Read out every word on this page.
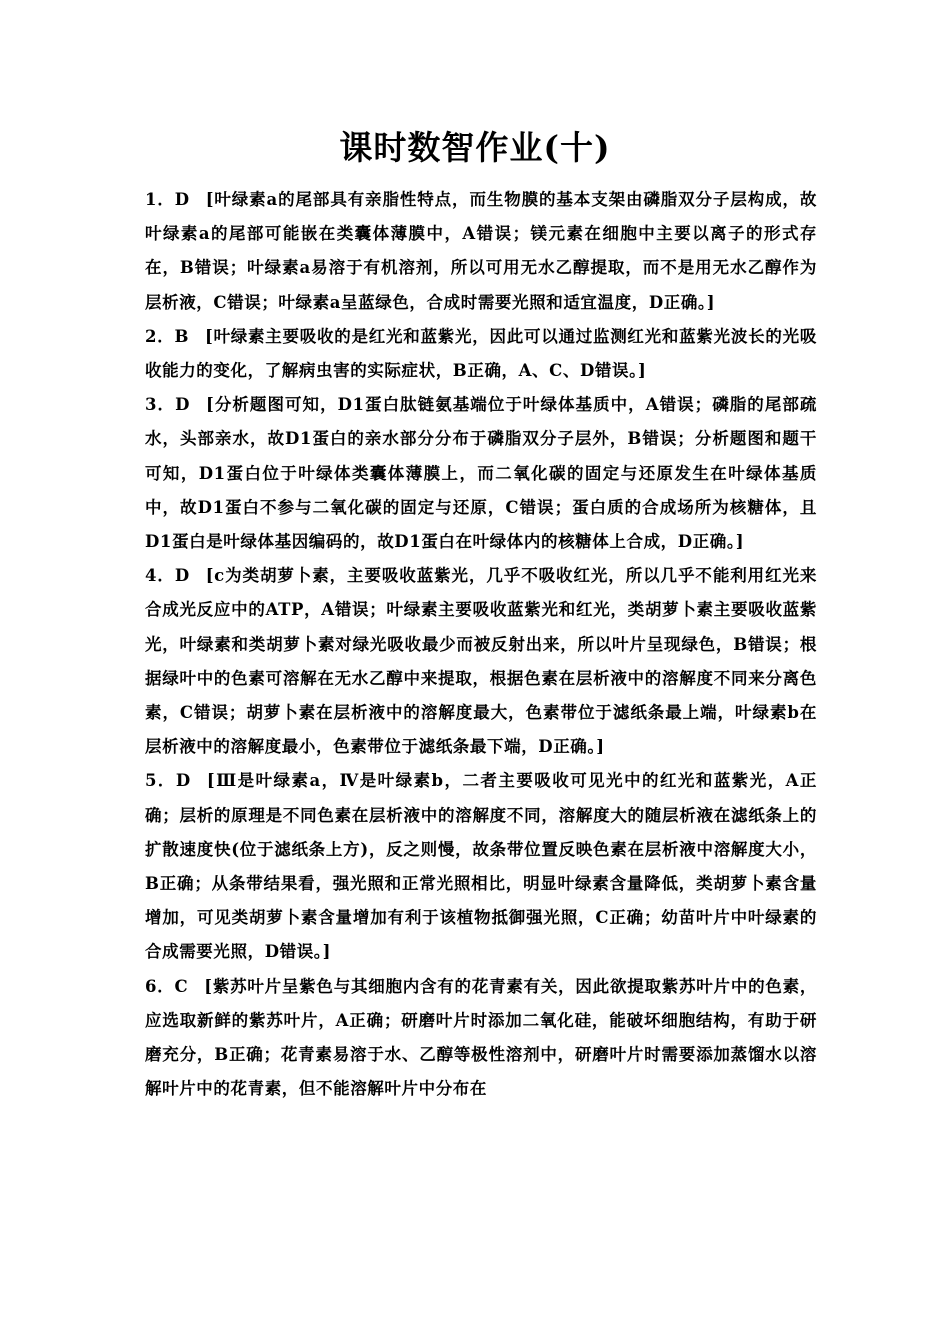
课时数智作业(十)

1．D [叶绿素a的尾部具有亲脂性特点，而生物膜的基本支架由磷脂双分子层构成，故叶绿素a的尾部可能嵌在类囊体薄膜中，A错误；镁元素在细胞中主要以离子的形式存在，B错误；叶绿素a易溶于有机溶剂，所以可用无水乙醇提取，而不是用无水乙醇作为层析液，C错误；叶绿素a呈蓝绿色，合成时需要光照和适宜温度，D正确。]

2．B [叶绿素主要吸收的是红光和蓝紫光，因此可以通过监测红光和蓝紫光波长的光吸收能力的变化，了解病虫害的实际症状，B正确，A、C、D错误。]

3．D [分析题图可知，D1蛋白肽链氨基端位于叶绿体基质中，A错误；磷脂的尾部疏水，头部亲水，故D1蛋白的亲水部分分布于磷脂双分子层外，B错误；分析题图和题干可知，D1蛋白位于叶绿体类囊体薄膜上，而二氧化碳的固定与还原发生在叶绿体基质中，故D1蛋白不参与二氧化碳的固定与还原，C错误；蛋白质的合成场所为核糖体，且D1蛋白是叶绿体基因编码的，故D1蛋白在叶绿体内的核糖体上合成，D正确。]

4．D [c为类胡萝卜素，主要吸收蓝紫光，几乎不吸收红光，所以几乎不能利用红光来合成光反应中的ATP，A错误；叶绿素主要吸收蓝紫光和红光，类胡萝卜素主要吸收蓝紫光，叶绿素和类胡萝卜素对绿光吸收最少而被反射出来，所以叶片呈现绿色，B错误；根据绿叶中的色素可溶解在无水乙醇中来提取，根据色素在层析液中的溶解度不同来分离色素，C错误；胡萝卜素在层析液中的溶解度最大，色素带位于滤纸条最上端，叶绿素b在层析液中的溶解度最小，色素带位于滤纸条最下端，D正确。]

5．D [Ⅲ是叶绿素a，Ⅳ是叶绿素b，二者主要吸收可见光中的红光和蓝紫光，A正确；层析的原理是不同色素在层析液中的溶解度不同，溶解度大的随层析液在滤纸条上的扩散速度快(位于滤纸条上方)，反之则慢，故条带位置反映色素在层析液中溶解度大小，B正确；从条带结果看，强光照和正常光照相比，明显叶绿素含量降低，类胡萝卜素含量增加，可见类胡萝卜素含量增加有利于该植物抵御强光照，C正确；幼苗叶片中叶绿素的合成需要光照，D错误。]

6．C [紫苏叶片呈紫色与其细胞内含有的花青素有关，因此欲提取紫苏叶片中的色素，应选取新鲜的紫苏叶片，A正确；研磨叶片时添加二氧化硅，能破坏细胞结构，有助于研磨充分，B正确；花青素易溶于水、乙醇等极性溶剂中，研磨叶片时需要添加蒸馏水以溶解叶片中的花青素，但不能溶解叶片中分布在
